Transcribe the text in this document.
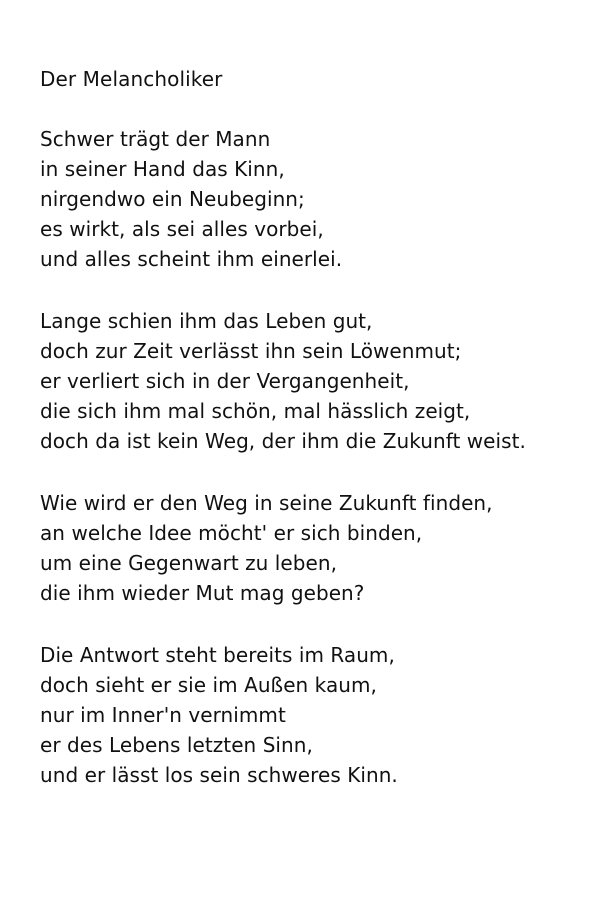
Der Melancholiker
Schwer trägt der Mann
in seiner Hand das Kinn,
nirgendwo ein Neubeginn;
es wirkt, als sei alles vorbei,
und alles scheint ihm einerlei.
Lange schien ihm das Leben gut,
doch zur Zeit verlässt ihn sein Löwenmut;
er verliert sich in der Vergangenheit,
die sich ihm mal schön, mal hässlich zeigt,
doch da ist kein Weg, der ihm die Zukunft weist.
Wie wird er den Weg in seine Zukunft finden,
an welche Idee möcht' er sich binden,
um eine Gegenwart zu leben,
die ihm wieder Mut mag geben?
Die Antwort steht bereits im Raum,
doch sieht er sie im Außen kaum,
nur im Inner'n vernimmt
er des Lebens letzten Sinn,
und er lässt los sein schweres Kinn.
